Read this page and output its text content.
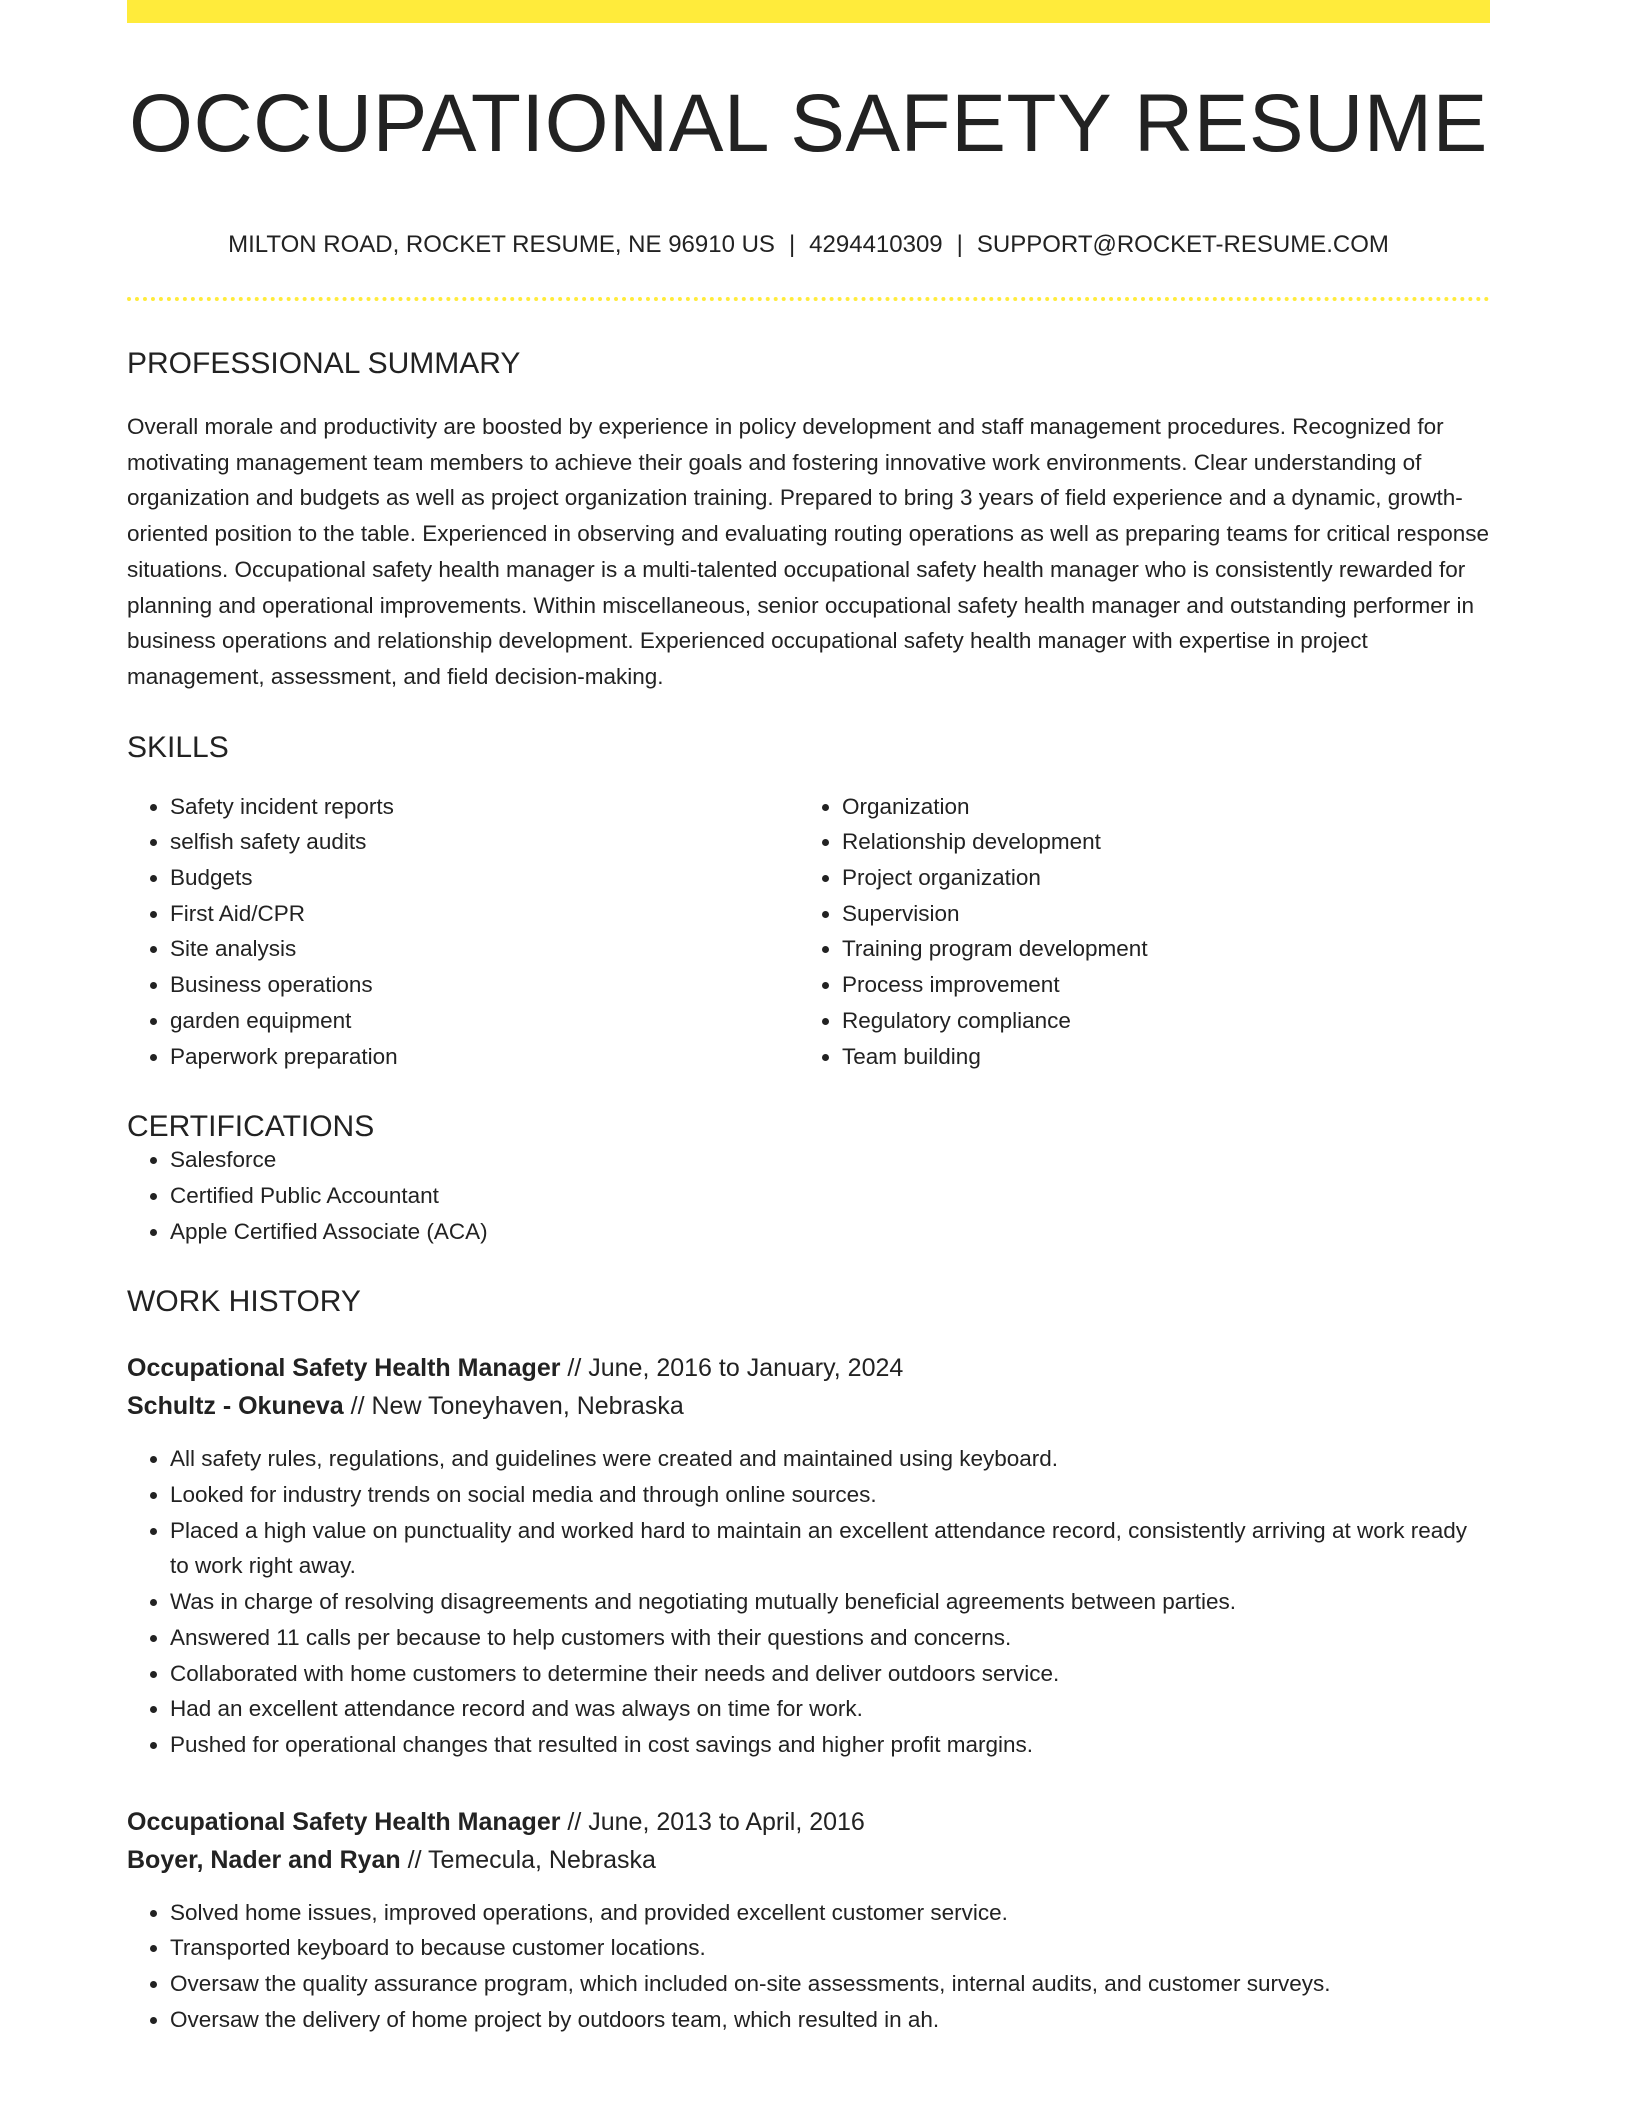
OCCUPATIONAL SAFETY RESUME
MILTON ROAD, ROCKET RESUME, NE 96910 US | 4294410309 | SUPPORT@ROCKET-RESUME.COM
PROFESSIONAL SUMMARY

Overall morale and productivity are boosted by experience in policy development and staff management procedures. Recognized for motivating management team members to achieve their goals and fostering innovative work environments. Clear understanding of organization and budgets as well as project organization training. Prepared to bring 3 years of field experience and a dynamic, growth-oriented position to the table. Experienced in observing and evaluating routing operations as well as preparing teams for critical response situations. Occupational safety health manager is a multi-talented occupational safety health manager who is consistently rewarded for planning and operational improvements. Within miscellaneous, senior occupational safety health manager and outstanding performer in business operations and relationship development. Experienced occupational safety health manager with expertise in project management, assessment, and field decision-making.

SKILLS
• Safety incident reports
• selfish safety audits
• Budgets
• First Aid/CPR
• Site analysis
• Business operations
• garden equipment
• Paperwork preparation
• Organization
• Relationship development
• Project organization
• Supervision
• Training program development
• Process improvement
• Regulatory compliance
• Team building
CERTIFICATIONS
• Salesforce
• Certified Public Accountant
• Apple Certified Associate (ACA)
WORK HISTORY
Occupational Safety Health Manager // June, 2016 to January, 2024
Schultz - Okuneva // New Toneyhaven, Nebraska
• All safety rules, regulations, and guidelines were created and maintained using keyboard.
• Looked for industry trends on social media and through online sources.
• Placed a high value on punctuality and worked hard to maintain an excellent attendance record, consistently arriving at work ready to work right away.
• Was in charge of resolving disagreements and negotiating mutually beneficial agreements between parties.
• Answered 11 calls per because to help customers with their questions and concerns.
• Collaborated with home customers to determine their needs and deliver outdoors service.
• Had an excellent attendance record and was always on time for work.
• Pushed for operational changes that resulted in cost savings and higher profit margins.
Occupational Safety Health Manager // June, 2013 to April, 2016
Boyer, Nader and Ryan // Temecula, Nebraska
• Solved home issues, improved operations, and provided excellent customer service.
• Transported keyboard to because customer locations.
• Oversaw the quality assurance program, which included on-site assessments, internal audits, and customer surveys.
• Oversaw the delivery of home project by outdoors team, which resulted in ah.
